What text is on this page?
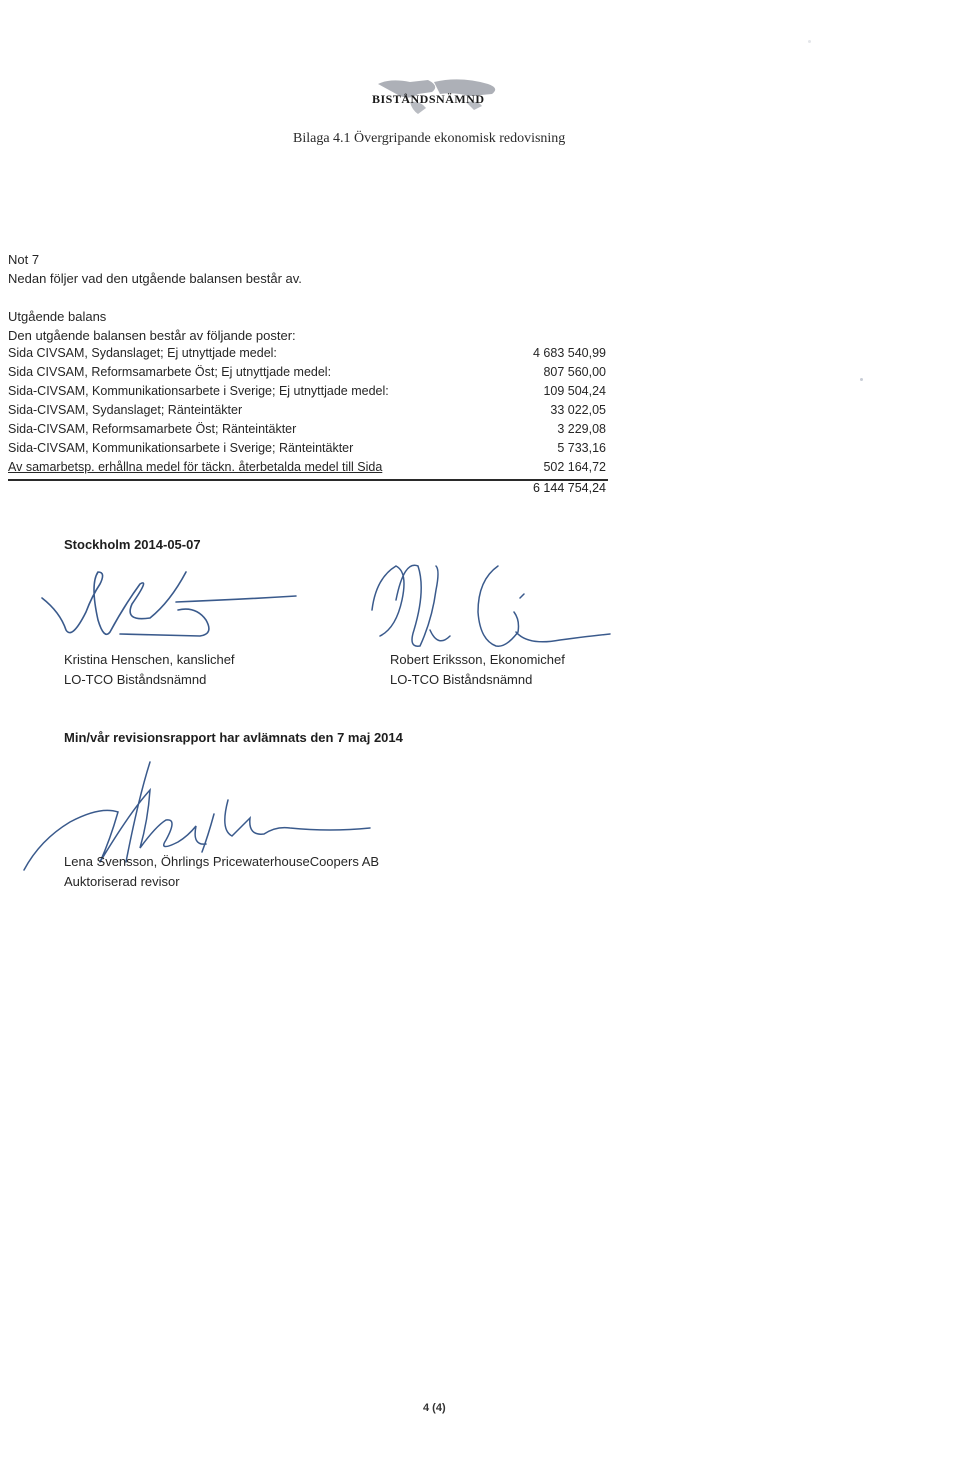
BISTÅNDSNÄMND
Bilaga 4.1 Övergripande ekonomisk redovisning
Not 7
Nedan följer vad den utgående balansen består av.
Utgående balans
Den utgående balansen består av följande poster:
Sida CIVSAM, Sydanslaget; Ej utnyttjade medel:	4 683 540,99
Sida CIVSAM, Reformsamarbete Öst; Ej utnyttjade medel:	807 560,00
Sida-CIVSAM, Kommunikationsarbete i Sverige; Ej utnyttjade medel:	109 504,24
Sida-CIVSAM, Sydanslaget; Ränteintäkter	33 022,05
Sida-CIVSAM, Reformsamarbete Öst; Ränteintäkter	3 229,08
Sida-CIVSAM, Kommunikationsarbete i Sverige; Ränteintäkter	5 733,16
Av samarbetsp. erhållna medel för täckn. återbetalda medel till Sida	502 164,72
6 144 754,24
Stockholm 2014-05-07
Kristina Henschen, kanslichef
LO-TCO Biståndsnämnd
Robert Eriksson, Ekonomichef
LO-TCO Biståndsnämnd
Min/vår revisionsrapport har avlämnats den 7 maj 2014
Lena Svensson, Öhrlings PricewaterhouseCoopers AB
Auktoriserad revisor
4 (4)
